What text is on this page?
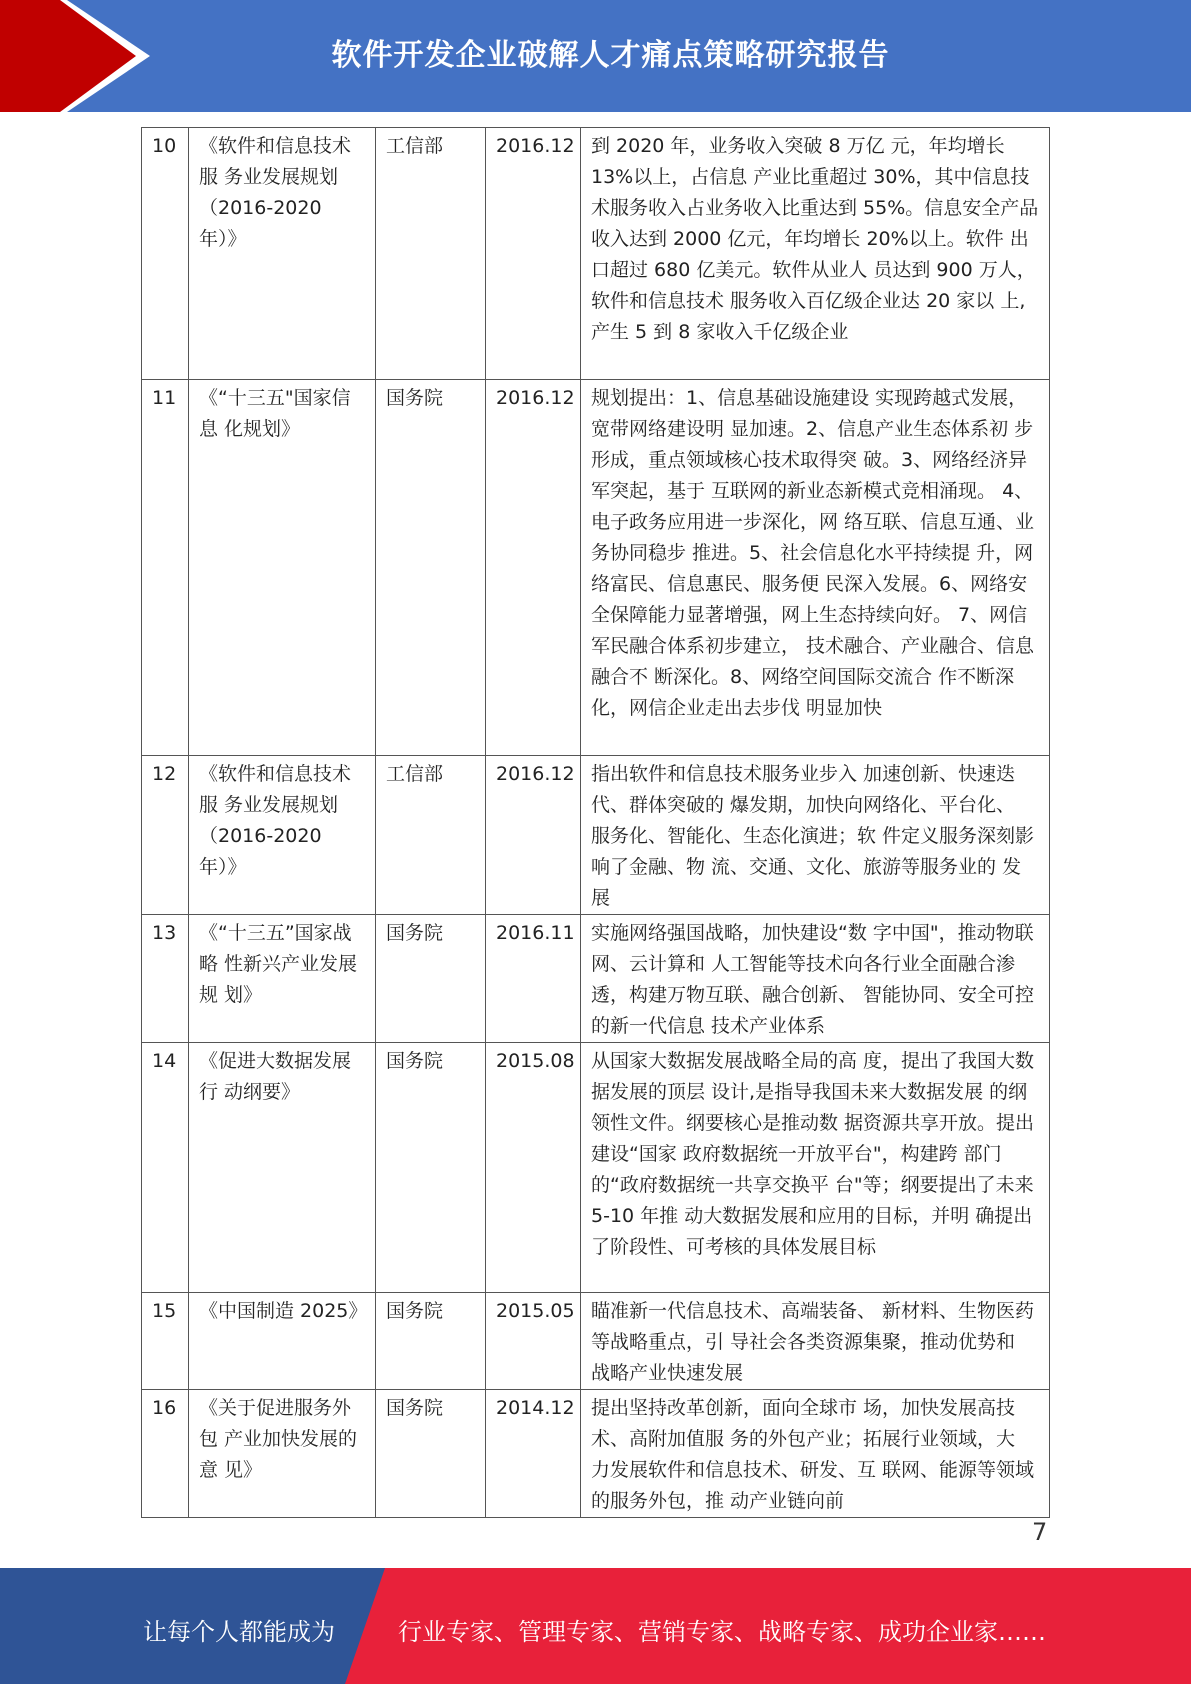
软件开发企业破解人才痛点策略研究报告
10	《软件和信息技术服 务业发展规划（2016-2020 年）》	工信部	2016.12	到 2020 年，业务收入突破 8 万亿 元，年均增长 13%以上，占信息 产业比重超过 30%，其中信息技 术服务收入占业务收入比重达到 55%。信息安全产品收入达到 2000 亿元，年均增长 20%以上。软件 出口超过 680 亿美元。软件从业人 员达到 900 万人，软件和信息技术 服务收入百亿级企业达 20 家以 上,产生 5 到 8 家收入千亿级企业
11	《“十三五"国家信息 化规划》	国务院	2016.12	规划提出：1、信息基础设施建设 实现跨越式发展，宽带网络建设明 显加速。2、信息产业生态体系初 步形成，重点领域核心技术取得突 破。3、网络经济异军突起，基于 互联网的新业态新模式竞相涌现。 4、电子政务应用进一步深化，网 络互联、信息互通、业务协同稳步 推进。5、社会信息化水平持续提 升，网络富民、信息惠民、服务便 民深入发展。6、网络安全保障能力显著增强，网上生态持续向好。 7、网信军民融合体系初步建立， 技术融合、产业融合、信息融合不 断深化。8、网络空间国际交流合 作不断深化，网信企业走出去步伐 明显加快
12	《软件和信息技术服 务业发展规划（2016-2020 年）》	工信部	2016.12	指出软件和信息技术服务业步入 加速创新、快速迭代、群体突破的 爆发期，加快向网络化、平台化、 服务化、智能化、生态化演进；软 件定义服务深刻影响了金融、物 流、交通、文化、旅游等服务业的 发展
13	《“十三五”国家战略 性新兴产业发展规 划》	国务院	2016.11	实施网络强国战略，加快建设“数 字中国"，推动物联网、云计算和 人工智能等技术向各行业全面融合渗透，构建万物互联、融合创新、 智能协同、安全可控的新一代信息 技术产业体系
14	《促进大数据发展行 动纲要》	国务院	2015.08	从国家大数据发展战略全局的高 度，提出了我国大数据发展的顶层 设计,是指导我国未来大数据发展 的纲领性文件。纲要核心是推动数 据资源共享开放。提出建设“国家 政府数据统一开放平台"，构建跨 部门的“政府数据统一共享交换平 台"等；纲要提出了未来 5-10 年推 动大数据发展和应用的目标，并明 确提出了阶段性、可考核的具体发展目标
15	《中国制造 2025》	国务院	2015.05	瞄准新一代信息技术、高端装备、 新材料、生物医药等战略重点，引 导社会各类资源集聚，推动优势和 战略产业快速发展
16	《关于促进服务外包 产业加快发展的意 见》	国务院	2014.12	提出坚持改革创新，面向全球市 场，加快发展高技术、高附加值服 务的外包产业；拓展行业领域，大 力发展软件和信息技术、研发、互 联网、能源等领域的服务外包，推 动产业链向前
7
让每个人都能成为	行业专家、管理专家、营销专家、战略专家、成功企业家……
